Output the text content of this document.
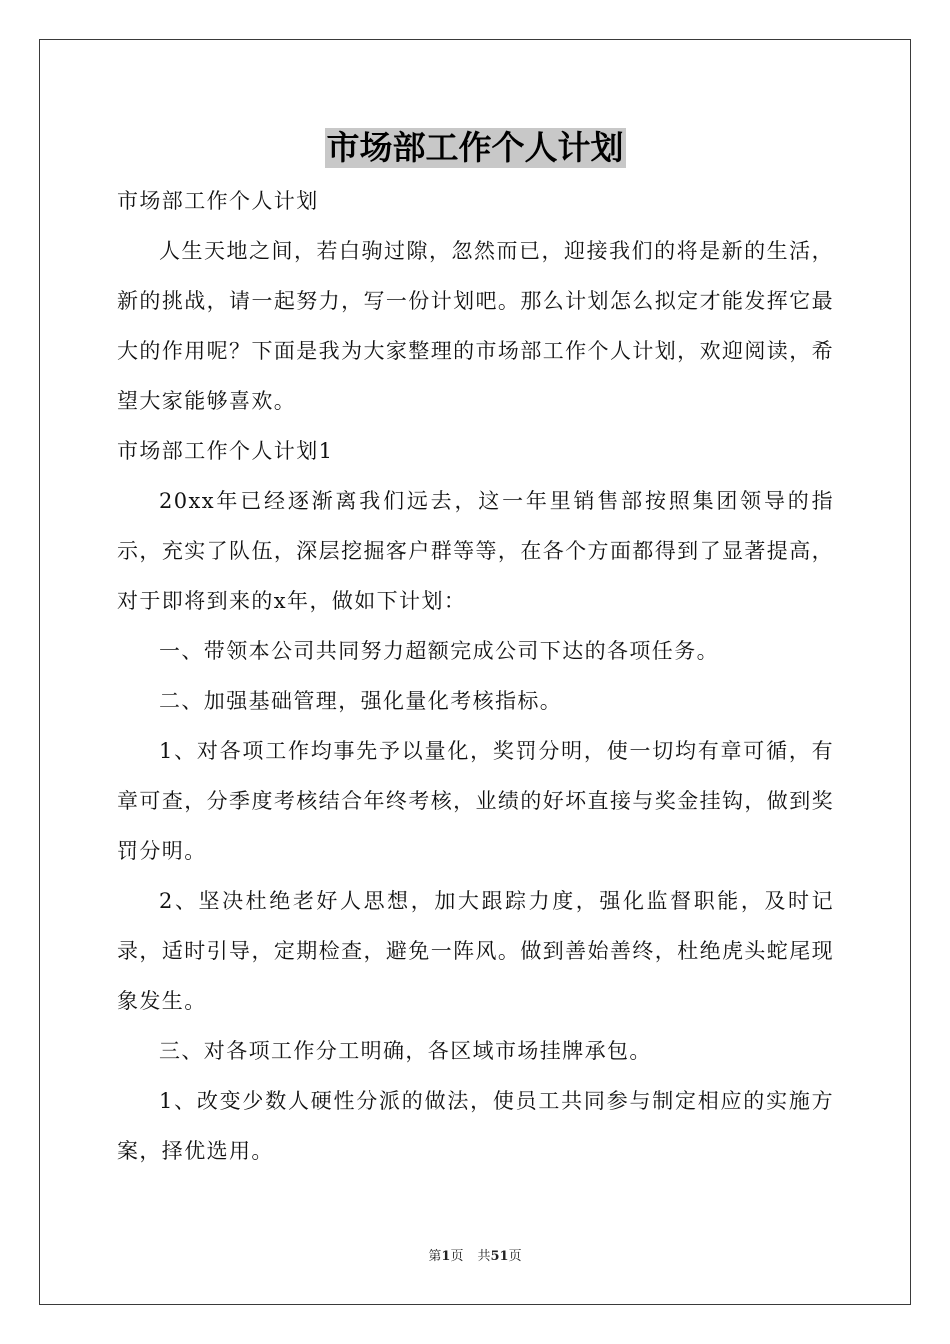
市场部工作个人计划

市场部工作个人计划

人生天地之间，若白驹过隙，忽然而已，迎接我们的将是新的生活，新的挑战，请一起努力，写一份计划吧。那么计划怎么拟定才能发挥它最大的作用呢？下面是我为大家整理的市场部工作个人计划，欢迎阅读，希望大家能够喜欢。

市场部工作个人计划1

20xx年已经逐渐离我们远去，这一年里销售部按照集团领导的指示，充实了队伍，深层挖掘客户群等等，在各个方面都得到了显著提高，对于即将到来的x年，做如下计划：

一、带领本公司共同努力超额完成公司下达的各项任务。

二、加强基础管理，强化量化考核指标。

1、对各项工作均事先予以量化，奖罚分明，使一切均有章可循，有章可查，分季度考核结合年终考核，业绩的好坏直接与奖金挂钩，做到奖罚分明。

2、坚决杜绝老好人思想，加大跟踪力度，强化监督职能，及时记录，适时引导，定期检查，避免一阵风。做到善始善终，杜绝虎头蛇尾现象发生。

三、对各项工作分工明确，各区域市场挂牌承包。

1、改变少数人硬性分派的做法，使员工共同参与制定相应的实施方案，择优选用。

第1页 共51页
